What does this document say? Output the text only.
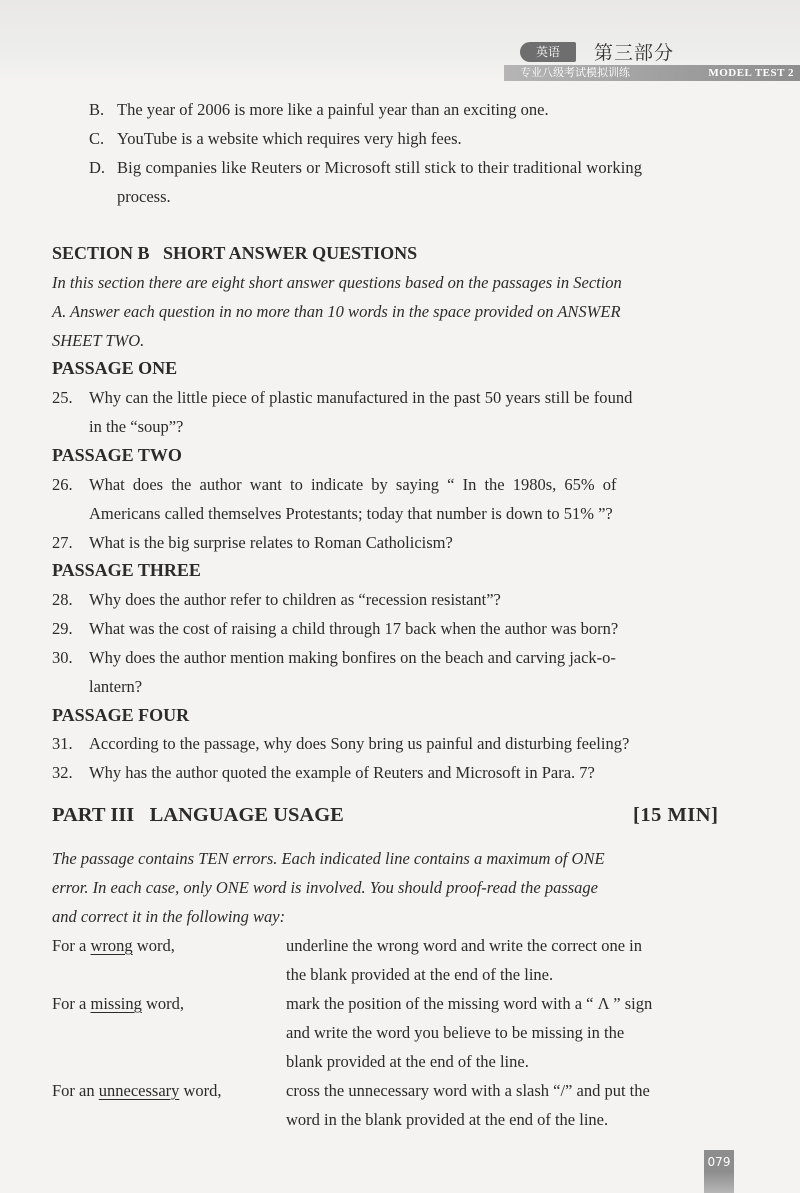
英语	第三部分
专业八级考试模拟训练	MODEL TEST 2
B. The year of 2006 is more like a painful year than an exciting one.
C. YouTube is a website which requires very high fees.
D. Big companies like Reuters or Microsoft still stick to their traditional working
process.
SECTION B   SHORT ANSWER QUESTIONS
In this section there are eight short answer questions based on the passages in Section
A. Answer each question in no more than 10 words in the space provided on ANSWER
SHEET TWO.
PASSAGE ONE
25. Why can the little piece of plastic manufactured in the past 50 years still be found
in the “soup”?
PASSAGE TWO
26. What does the author want to indicate by saying “ In the 1980s, 65% of
Americans called themselves Protestants; today that number is down to 51% ”?
27. What is the big surprise relates to Roman Catholicism?
PASSAGE THREE
28. Why does the author refer to children as “recession resistant”?
29. What was the cost of raising a child through 17 back when the author was born?
30. Why does the author mention making bonfires on the beach and carving jack-o-
lantern?
PASSAGE FOUR
31. According to the passage, why does Sony bring us painful and disturbing feeling?
32. Why has the author quoted the example of Reuters and Microsoft in Para. 7?
PART III   LANGUAGE USAGE	[15 MIN]
The passage contains TEN errors. Each indicated line contains a maximum of ONE
error. In each case, only ONE word is involved. You should proof-read the passage
and correct it in the following way:
For a wrong word,	underline the wrong word and write the correct one in
the blank provided at the end of the line.
For a missing word,	mark the position of the missing word with a “ Λ ” sign
and write the word you believe to be missing in the
blank provided at the end of the line.
For an unnecessary word,	cross the unnecessary word with a slash “/” and put the
word in the blank provided at the end of the line.
079
